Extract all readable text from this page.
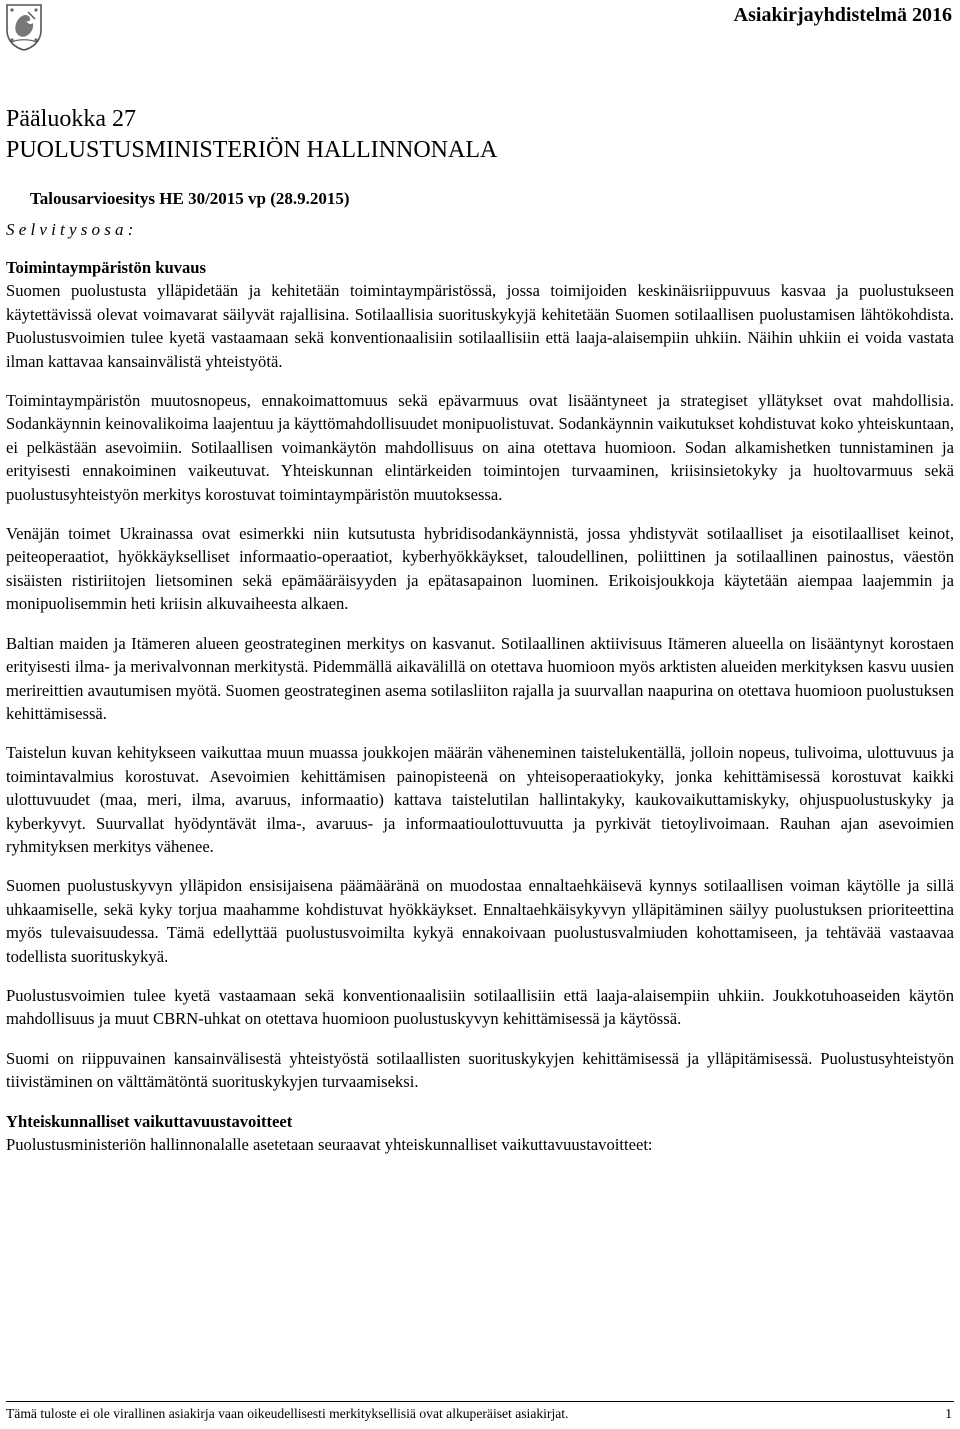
Asiakirjayhdistelmä 2016
Pääluokka 27
PUOLUSTUSMINISTERIÖN HALLINNONALA
Talousarvioesitys HE 30/2015 vp (28.9.2015)
Selvitysosa:
Toimintaympäristön kuvaus

Suomen puolustusta ylläpidetään ja kehitetään toimintaympäristössä, jossa toimijoiden keskinäisriippuvuus kasvaa ja puolustukseen käytettävissä olevat voimavarat säilyvät rajallisina. Sotilaallisia suorituskykyjä kehitetään Suomen sotilaallisen puolustamisen lähtökohdista. Puolustusvoimien tulee kyetä vastaamaan sekä konventionaalisiin sotilaallisiin että laaja-alaisempiin uhkiin. Näihin uhkiin ei voida vastata ilman kattavaa kansainvälistä yhteistyötä.

Toimintaympäristön muutosnopeus, ennakoimattomuus sekä epävarmuus ovat lisääntyneet ja strategiset yllätykset ovat mahdollisia. Sodankäynnin keinovalikoima laajentuu ja käyttömahdollisuudet monipuolistuvat. Sodankäynnin vaikutukset kohdistuvat koko yhteiskuntaan, ei pelkästään asevoimiin. Sotilaallisen voimankäytön mahdollisuus on aina otettava huomioon. Sodan alkamishetken tunnistaminen ja erityisesti ennakoiminen vaikeutuvat. Yhteiskunnan elintärkeiden toimintojen turvaaminen, kriisinsietokyky ja huoltovarmuus sekä puolustusyhteistyön merkitys korostuvat toimintaympäristön muutoksessa.

Venäjän toimet Ukrainassa ovat esimerkki niin kutsutusta hybridisodankäynnistä, jossa yhdistyvät sotilaalliset ja eisotilaalliset keinot, peiteoperaatiot, hyökkäykselliset informaatio-operaatiot, kyberhyökkäykset, taloudellinen, poliittinen ja sotilaallinen painostus, väestön sisäisten ristiriitojen lietsominen sekä epämääräisyyden ja epätasapainon luominen. Erikoisjoukkoja käytetään aiempaa laajemmin ja monipuolisemmin heti kriisin alkuvaiheesta alkaen.

Baltian maiden ja Itämeren alueen geostrateginen merkitys on kasvanut. Sotilaallinen aktiivisuus Itämeren alueella on lisääntynyt korostaen erityisesti ilma- ja merivalvonnan merkitystä. Pidemmällä aikavälillä on otettava huomioon myös arktisten alueiden merkityksen kasvu uusien merireittien avautumisen myötä. Suomen geostrateginen asema sotilasliiton rajalla ja suurvallan naapurina on otettava huomioon puolustuksen kehittämisessä.

Taistelun kuvan kehitykseen vaikuttaa muun muassa joukkojen määrän väheneminen taistelukentällä, jolloin nopeus, tulivoima, ulottuvuus ja toimintavalmius korostuvat. Asevoimien kehittämisen painopisteenä on yhteisoperaatiokyky, jonka kehittämisessä korostuvat kaikki ulottuvuudet (maa, meri, ilma, avaruus, informaatio) kattava taistelutilan hallintakyky, kaukovaikuttamiskyky, ohjuspuolustuskyky ja kyberkyvyt. Suurvallat hyödyntävät ilma-, avaruus- ja informaatioulottuvuutta ja pyrkivät tietoylivoimaan. Rauhan ajan asevoimien ryhmityksen merkitys vähenee.

Suomen puolustuskyvyn ylläpidon ensisijaisena päämääränä on muodostaa ennaltaehkäisevä kynnys sotilaallisen voiman käytölle ja sillä uhkaamiselle, sekä kyky torjua maahamme kohdistuvat hyökkäykset. Ennaltaehkäisykyvyn ylläpitäminen säilyy puolustuksen prioriteettina myös tulevaisuudessa. Tämä edellyttää puolustusvoimilta kykyä ennakoivaan puolustusvalmiuden kohottamiseen, ja tehtävää vastaavaa todellista suorituskykyä.

Puolustusvoimien tulee kyetä vastaamaan sekä konventionaalisiin sotilaallisiin että laaja-alaisempiin uhkiin. Joukkotuhoaseiden käytön mahdollisuus ja muut CBRN-uhkat on otettava huomioon puolustuskyvyn kehittämisessä ja käytössä.

Suomi on riippuvainen kansainvälisestä yhteistyöstä sotilaallisten suorituskykyjen kehittämisessä ja ylläpitämisessä. Puolustusyhteistyön tiivistäminen on välttämätöntä suorituskykyjen turvaamiseksi.

Yhteiskunnalliset vaikuttavuustavoitteet

Puolustusministeriön hallinnonalalle asetetaan seuraavat yhteiskunnalliset vaikuttavuustavoitteet:

Tämä tuloste ei ole virallinen asiakirja vaan oikeudellisesti merkityksellisiä ovat alkuperäiset asiakirjat.	1
